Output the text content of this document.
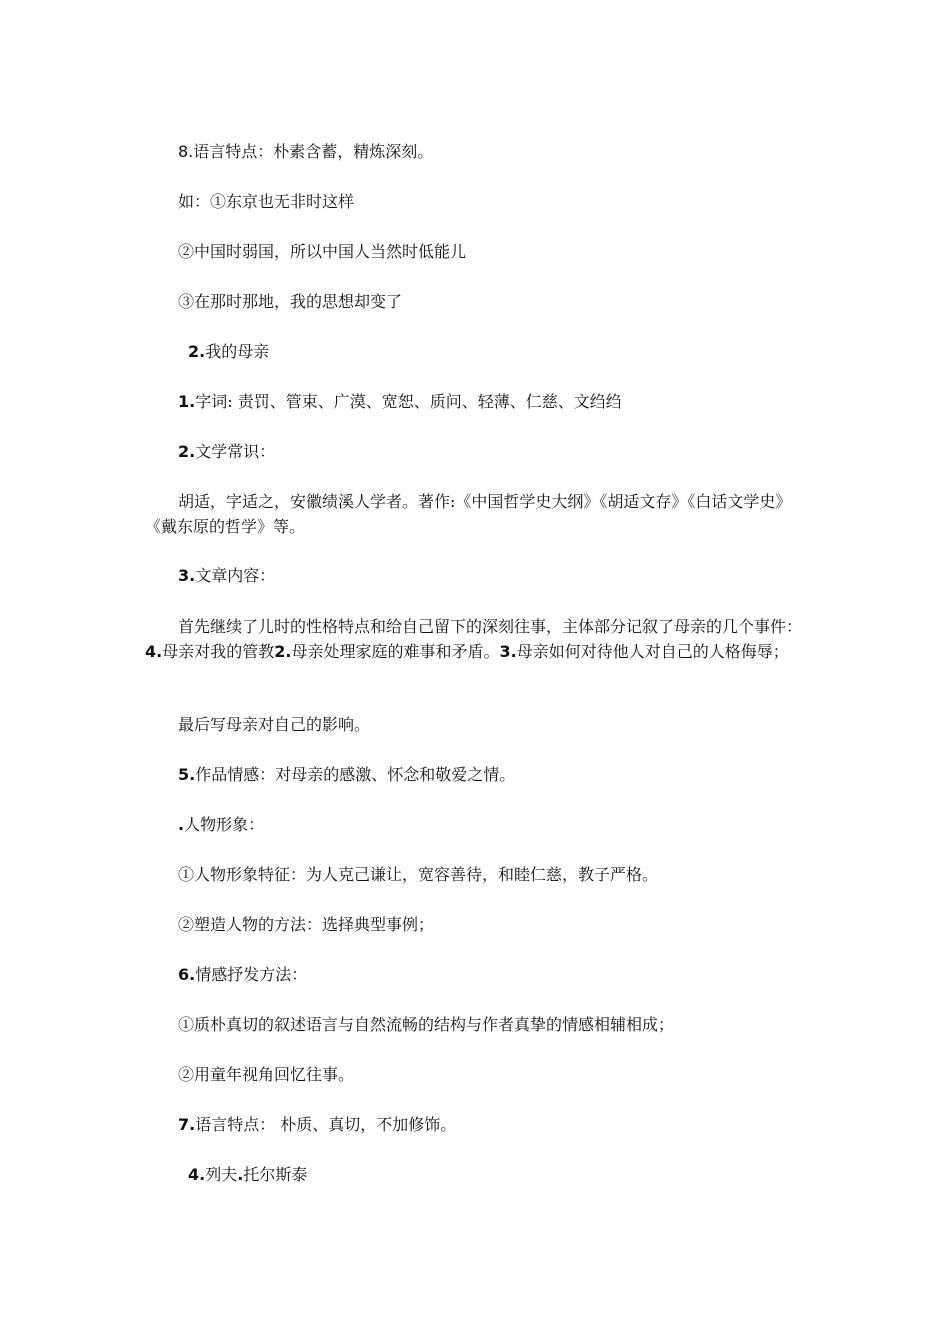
8.语言特点：朴素含蓄，精炼深刻。
如：①东京也无非时这样
②中国时弱国，所以中国人当然时低能儿
③在那时那地，我的思想却变了
2.我的母亲
1.字词: 责罚、管束、广漠、宽恕、质问、轻薄、仁慈、文绉绉
2.文学常识：
胡适，字适之，安徽绩溪人学者。著作:《中国哲学史大纲》《胡适文存》《白话文学史》《戴东原的哲学》等。
3.文章内容：
首先继续了儿时的性格特点和给自己留下的深刻往事，主体部分记叙了母亲的几个事件：4.母亲对我的管教2.母亲处理家庭的难事和矛盾。3.母亲如何对待他人对自己的人格侮辱；
最后写母亲对自己的影响。
5.作品情感：对母亲的感激、怀念和敬爱之情。
.人物形象：
①人物形象特征：为人克己谦让，宽容善待，和睦仁慈，教子严格。
②塑造人物的方法：选择典型事例；
6.情感抒发方法：
①质朴真切的叙述语言与自然流畅的结构与作者真挚的情感相辅相成；
②用童年视角回忆往事。
7.语言特点： 朴质、真切，不加修饰。
4.列夫.托尔斯泰
